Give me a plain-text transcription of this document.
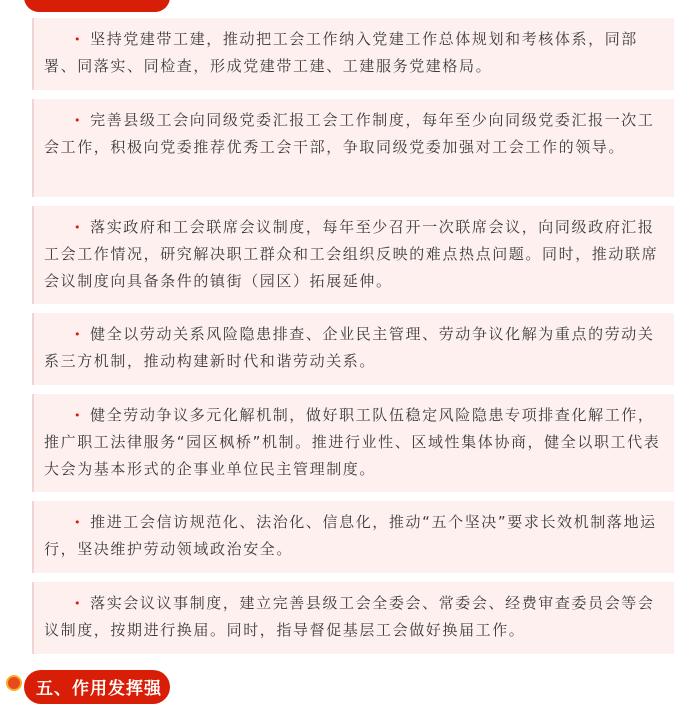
• 坚持党建带工建，推动把工会工作纳入党建工作总体规划和考核体系，同部署、同落实、同检查，形成党建带工建、工建服务党建格局。

• 完善县级工会向同级党委汇报工会工作制度，每年至少向同级党委汇报一次工会工作，积极向党委推荐优秀工会干部，争取同级党委加强对工会工作的领导。

• 落实政府和工会联席会议制度，每年至少召开一次联席会议，向同级政府汇报工会工作情况，研究解决职工群众和工会组织反映的难点热点问题。同时，推动联席会议制度向具备条件的镇街（园区）拓展延伸。

• 健全以劳动关系风险隐患排查、企业民主管理、劳动争议化解为重点的劳动关系三方机制，推动构建新时代和谐劳动关系。

• 健全劳动争议多元化解机制，做好职工队伍稳定风险隐患专项排查化解工作，推广职工法律服务“园区枫桥”机制。推进行业性、区域性集体协商，健全以职工代表大会为基本形式的企事业单位民主管理制度。

• 推进工会信访规范化、法治化、信息化，推动“五个坚决”要求长效机制落地运行，坚决维护劳动领域政治安全。

• 落实会议议事制度，建立完善县级工会全委会、常委会、经费审查委员会等会议制度，按期进行换届。同时，指导督促基层工会做好换届工作。

五、作用发挥强
